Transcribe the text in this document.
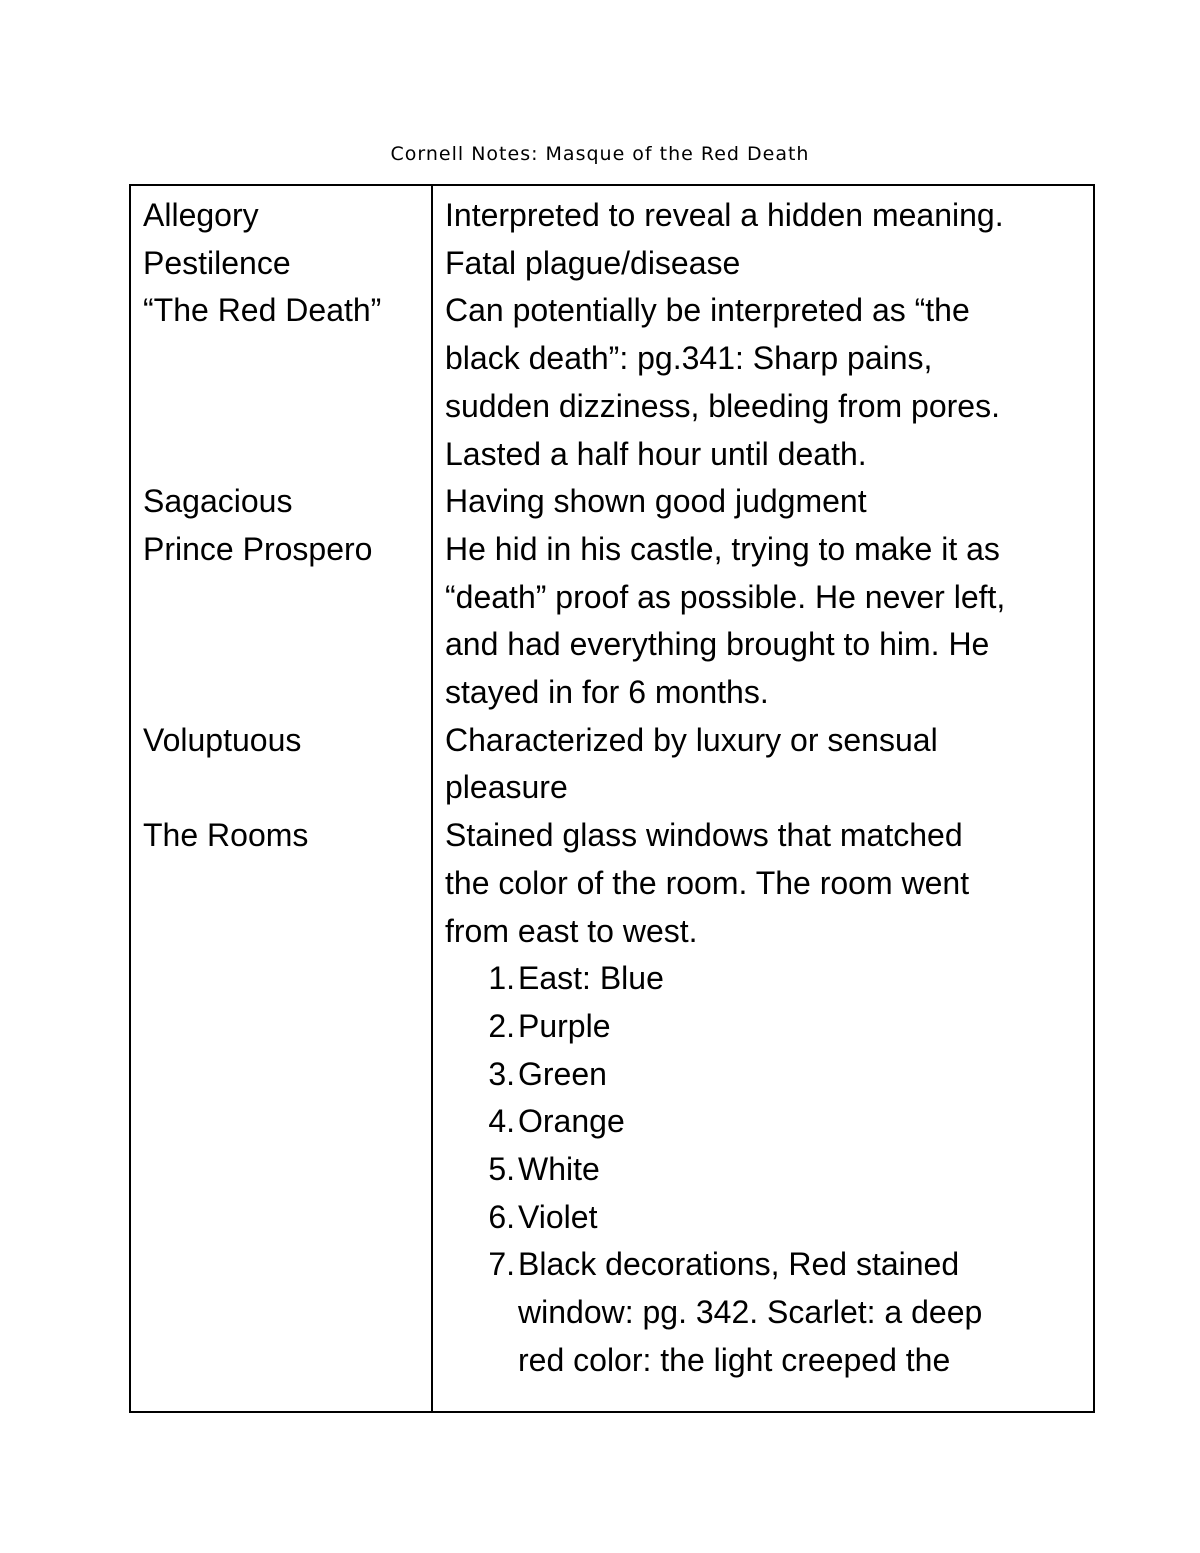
Cornell Notes: Masque of the Red Death
Allegory
Pestilence
“The Red Death”

Sagacious
Prince Prospero

Voluptuous

The Rooms

Interpreted to reveal a hidden meaning.
Fatal plague/disease
Can potentially be interpreted as “the
black death”: pg.341: Sharp pains,
sudden dizziness, bleeding from pores.
Lasted a half hour until death.
Having shown good judgment
He hid in his castle, trying to make it as
“death” proof as possible. He never left,
and had everything brought to him. He
stayed in for 6 months.
Characterized by luxury or sensual
pleasure
Stained glass windows that matched
the color of the room. The room went
from east to west.
1. East: Blue
2. Purple
3. Green
4. Orange
5. White
6. Violet
7. Black decorations, Red stained
window: pg. 342. Scarlet: a deep
red color: the light creeped the
